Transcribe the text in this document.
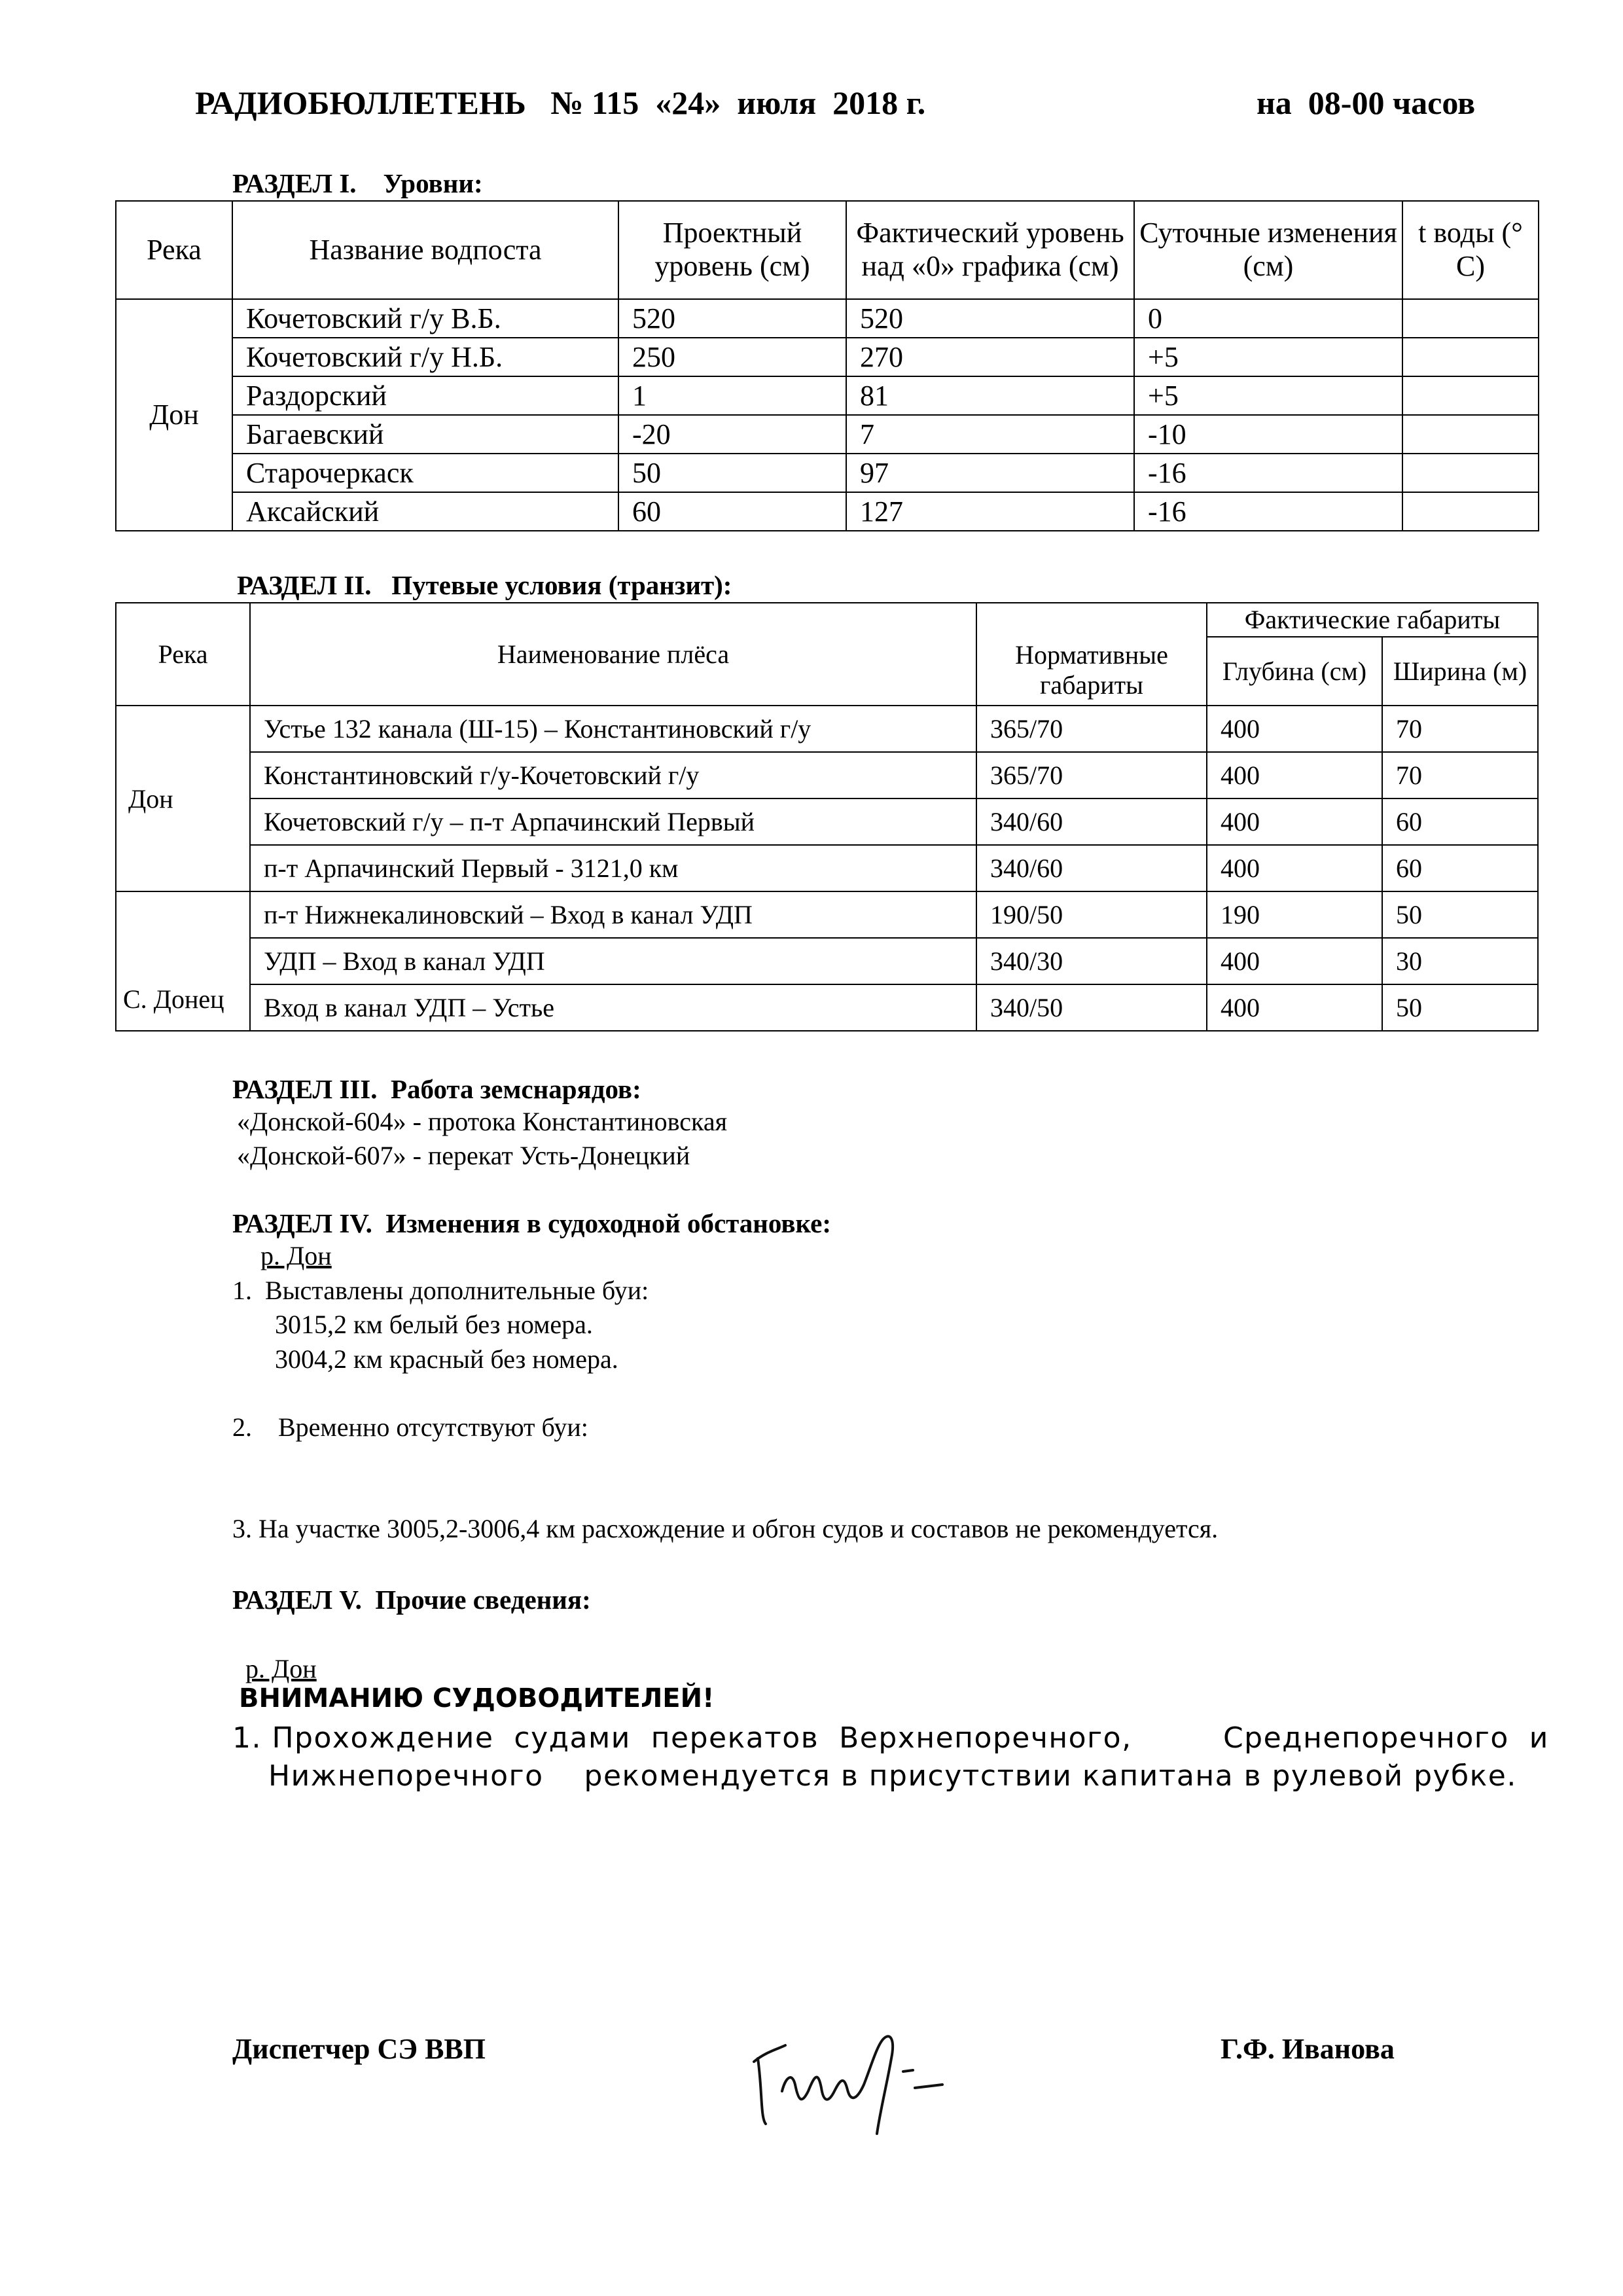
РАДИОБЮЛЛЕТЕНЬ   № 115  «24»  июля  2018 г.	на  08-00 часов
РАЗДЕЛ I.    Уровни:
Река	Название водпоста	Проектный уровень (см)	Фактический уровень над «0» графика (см)	Суточные изменения (см)	t воды (° С)
Дон	Кочетовский г/у В.Б.	520	520	0	
	Кочетовский г/у Н.Б.	250	270	+5	
	Раздорский	1	81	+5	
	Багаевский	-20	7	-10	
	Старочеркаск	50	97	-16	
	Аксайский	60	127	-16	
РАЗДЕЛ II.   Путевые условия (транзит):
Река	Наименование плёса	Нормативные габариты	Фактические габариты	
			Глубина (см)	Ширина (м)
Дон	Устье 132 канала (Ш-15) – Константиновский г/у	365/70	400	70
	Константиновский г/у-Кочетовский г/у	365/70	400	70
	Кочетовский г/у – п-т Арпачинский Первый	340/60	400	60
	п-т Арпачинский Первый - 3121,0 км	340/60	400	60
С. Донец	п-т Нижнекалиновский – Вход в канал УДП	190/50	190	50
	УДП – Вход в канал УДП	340/30	400	30
	Вход в канал УДП – Устье	340/50	400	50
РАЗДЕЛ III.  Работа земснарядов:
«Донской-604» - протока Константиновская
«Донской-607» - перекат Усть-Донецкий
РАЗДЕЛ IV.  Изменения в судоходной обстановке:
р. Дон
1.  Выставлены дополнительные буи:
3015,2 км белый без номера.
3004,2 км красный без номера.
2.    Временно отсутствуют буи:
3. На участке 3005,2-3006,4 км расхождение и обгон судов и составов не рекомендуется.
РАЗДЕЛ V.  Прочие сведения:
р. Дон
ВНИМАНИЮ СУДОВОДИТЕЛЕЙ!
1. Прохождение  судами  перекатов  Верхнепоречного,         Среднепоречного  и
Нижнепоречного    рекомендуется в присутствии капитана в рулевой рубке.
Диспетчер СЭ ВВП	Г.Ф. Иванова
